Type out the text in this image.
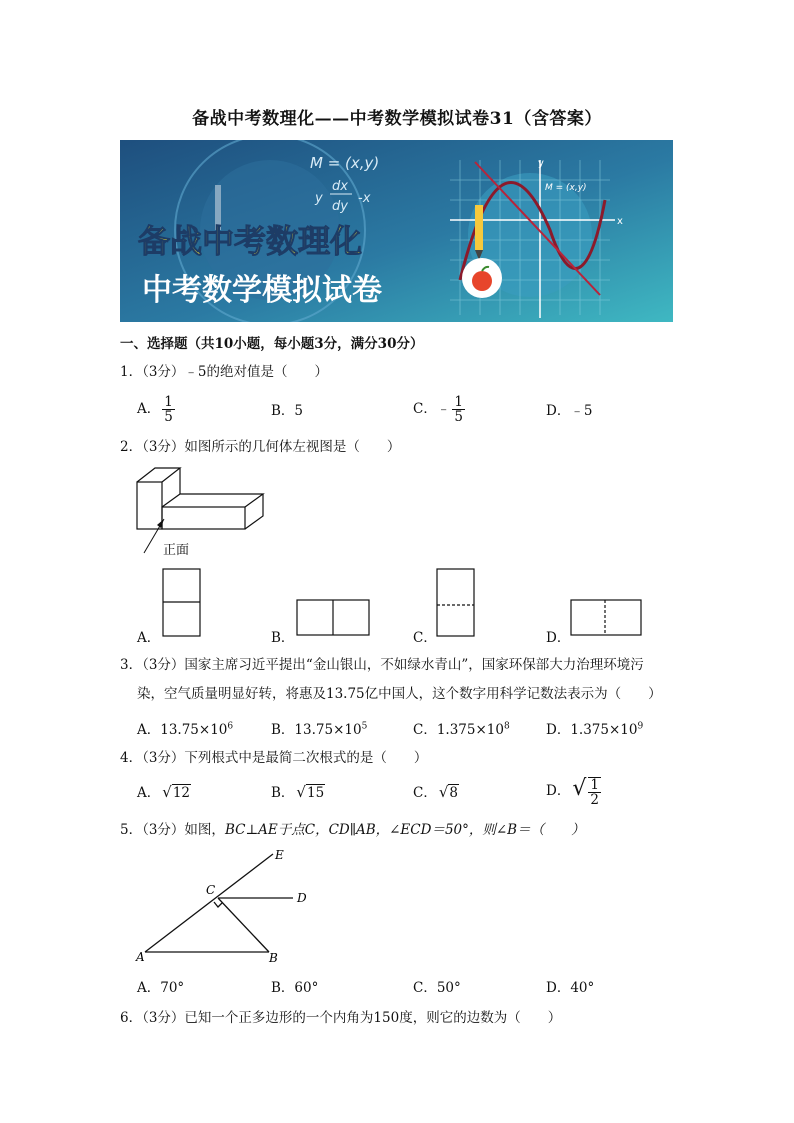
备战中考数理化——中考数学模拟试卷31（含答案）
x
y
M = (x,y)
y
dx
dy
-x
M = (x,y)
备战中考数理化
中考数学模拟试卷
一、选择题（共10小题，每小题3分，满分30分）
1．（3分）﹣5的绝对值是（　　）
A． $\frac{1}{5}$	B．5	C．﹣ $\frac{1}{5}$	D．﹣5
2．（3分）如图所示的几何体左视图是（　　）
正面
A．	B．	C．	D．
3．（3分）国家主席习近平提出“金山银山，不如绿水青山”，国家环保部大力治理环境污
染，空气质量明显好转，将惠及13.75亿中国人，这个数字用科学记数法表示为（　　）
A．$13.75\times 10^6$	B．$13.75\times 10^5$	C．$1.375\times 10^8$	D．$1.375\times 10^9$
4．（3分）下列根式中是最简二次根式的是（　　）
A． √12	B． √15	C． √8	D．√ $\frac{1}{2}$
5．（3分）如图，BC⊥AE于点C，CD∥AB，∠ECD＝50°，则∠B＝（　　）
E
C
D
A	B
A．70°	B．60°	C．50°	D．40°
6．（3分）已知一个正多边形的一个内角为150度，则它的边数为（　　）
